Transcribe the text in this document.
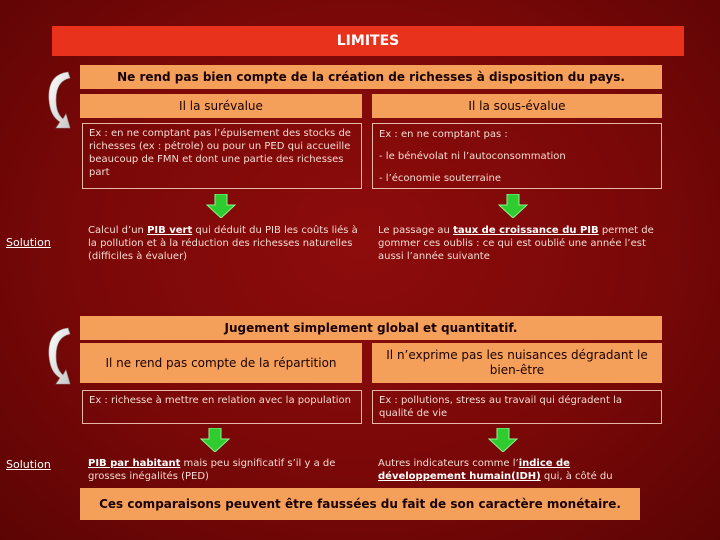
LIMITES
Ne rend pas bien compte de la création de richesses à disposition du pays.
Il la surévalue	Il la sous-évalue
Ex : en ne comptant pas l’épuisement des stocks de richesses (ex : pétrole) ou pour un PED qui accueille beaucoup de FMN et dont une partie des richesses part
Ex : en ne comptant pas :
- le bénévolat ni l’autoconsommation
- l’économie souterraine
Solution
Calcul d’un PIB vert qui déduit du PIB les coûts liés à la pollution et à la réduction des richesses naturelles (difficiles à évaluer)
Le passage au taux de croissance du PIB permet de gommer ces oublis : ce qui est oublié une année l’est aussi l’année suivante
Jugement simplement global et quantitatif.
Il ne rend pas compte de la répartition
Il n’exprime pas les nuisances dégradant le bien-être
Ex : richesse à mettre en relation avec la population	Ex : pollutions, stress au travail qui dégradent la qualité de vie
Solution	PIB par habitant mais peu significatif s’il y a de grosses inégalités (PED)
Autres indicateurs comme l’indice de développement humain(IDH) qui, à côté du
Ces comparaisons peuvent être faussées du fait de son caractère monétaire.
